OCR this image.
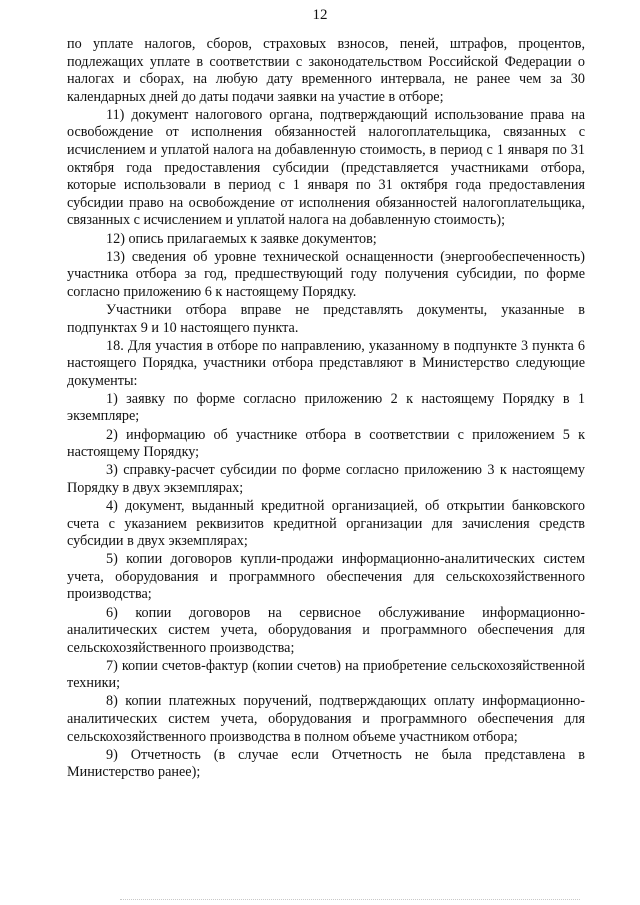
12

по уплате налогов, сборов, страховых взносов, пеней, штрафов, процентов, подлежащих уплате в соответствии с законодательством Российской Федерации о налогах и сборах, на любую дату временного интервала, не ранее чем за 30 календарных дней до даты подачи заявки на участие в отборе;

11) документ налогового органа, подтверждающий использование права на освобождение от исполнения обязанностей налогоплательщика, связанных с исчислением и уплатой налога на добавленную стоимость, в период с 1 января по 31 октября года предоставления субсидии (представляется участниками отбора, которые использовали в период с 1 января по 31 октября года предоставления субсидии право на освобождение от исполнения обязанностей налогоплательщика, связанных с исчислением и уплатой налога на добавленную стоимость);

12) опись прилагаемых к заявке документов;

13) сведения об уровне технической оснащенности (энергообеспеченность) участника отбора за год, предшествующий году получения субсидии, по форме согласно приложению 6 к настоящему Порядку.

Участники отбора вправе не представлять документы, указанные в подпунктах 9 и 10 настоящего пункта.

18. Для участия в отборе по направлению, указанному в подпункте 3 пункта 6 настоящего Порядка, участники отбора представляют в Министерство следующие документы:

1) заявку по форме согласно приложению 2 к настоящему Порядку в 1 экземпляре;

2) информацию об участнике отбора в соответствии с приложением 5 к настоящему Порядку;

3) справку-расчет субсидии по форме согласно приложению 3 к настоящему Порядку в двух экземплярах;

4) документ, выданный кредитной организацией, об открытии банковского счета с указанием реквизитов кредитной организации для зачисления средств субсидии в двух экземплярах;

5) копии договоров купли-продажи информационно-аналитических систем учета, оборудования и программного обеспечения для сельскохозяйственного производства;

6) копии договоров на сервисное обслуживание информационно-аналитических систем учета, оборудования и программного обеспечения для сельскохозяйственного производства;

7) копии счетов-фактур (копии счетов) на приобретение сельскохозяйственной техники;

8) копии платежных поручений, подтверждающих оплату информационно-аналитических систем учета, оборудования и программного обеспечения для сельскохозяйственного производства в полном объеме участником отбора;

9) Отчетность (в случае если Отчетность не была представлена в Министерство ранее);
